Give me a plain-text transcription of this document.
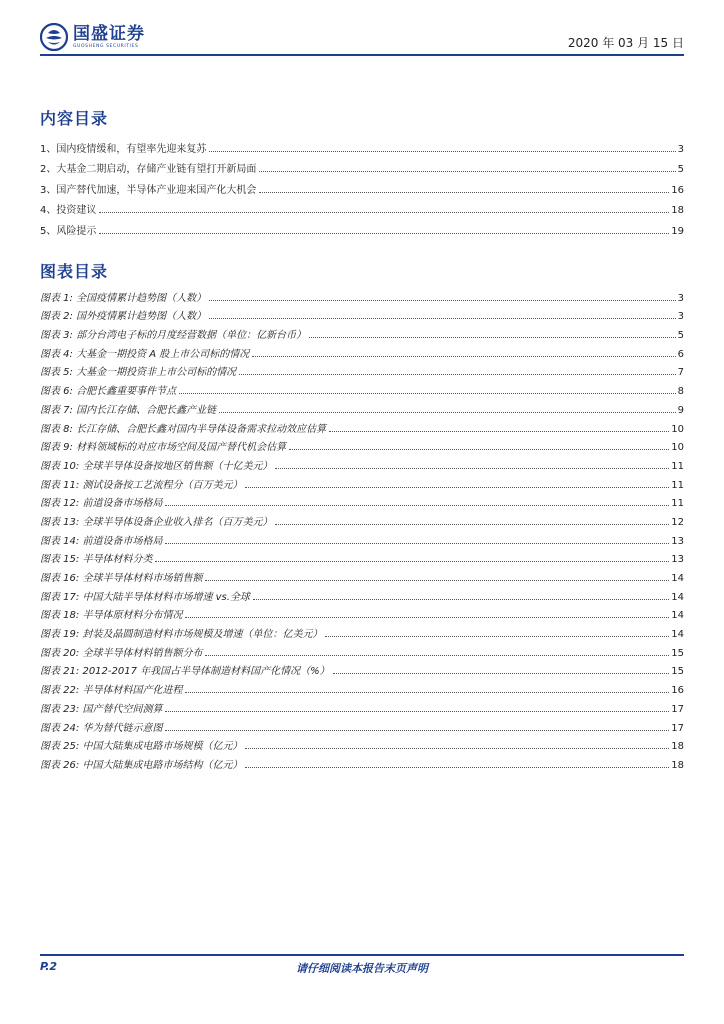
国盛证券
GUOSHENG SECURITIES	2020 年 03 月 15 日
内容目录
1、国内疫情缓和，有望率先迎来复苏	3
2、大基金二期启动，存储产业链有望打开新局面	5
3、国产替代加速，半导体产业迎来国产化大机会	16
4、投资建议	18
5、风险提示	19
图表目录
图表 1: 全国疫情累计趋势图（人数）	3
图表 2: 国外疫情累计趋势图（人数）	3
图表 3: 部分台湾电子标的月度经营数据（单位：亿新台币）	5
图表 4: 大基金一期投资 A 股上市公司标的情况	6
图表 5: 大基金一期投资非上市公司标的情况	7
图表 6: 合肥长鑫重要事件节点	8
图表 7: 国内长江存储、合肥长鑫产业链	9
图表 8: 长江存储、合肥长鑫对国内半导体设备需求拉动效应估算	10
图表 9: 材料领域标的对应市场空间及国产替代机会估算	10
图表 10: 全球半导体设备按地区销售额（十亿美元）	11
图表 11: 测试设备按工艺流程分（百万美元）	11
图表 12: 前道设备市场格局	11
图表 13: 全球半导体设备企业收入排名（百万美元）	12
图表 14: 前道设备市场格局	13
图表 15: 半导体材料分类	13
图表 16: 全球半导体材料市场销售额	14
图表 17: 中国大陆半导体材料市场增速 vs.全球	14
图表 18: 半导体原材料分布情况	14
图表 19: 封装及晶圆制造材料市场规模及增速（单位：亿美元）	14
图表 20: 全球半导体材料销售额分布	15
图表 21: 2012-2017 年我国占半导体制造材料国产化情况（%）	15
图表 22: 半导体材料国产化进程	16
图表 23: 国产替代空间测算	17
图表 24: 华为替代链示意图	17
图表 25: 中国大陆集成电路市场规模（亿元）	18
图表 26: 中国大陆集成电路市场结构（亿元）	18
P.2	请仔细阅读本报告末页声明
